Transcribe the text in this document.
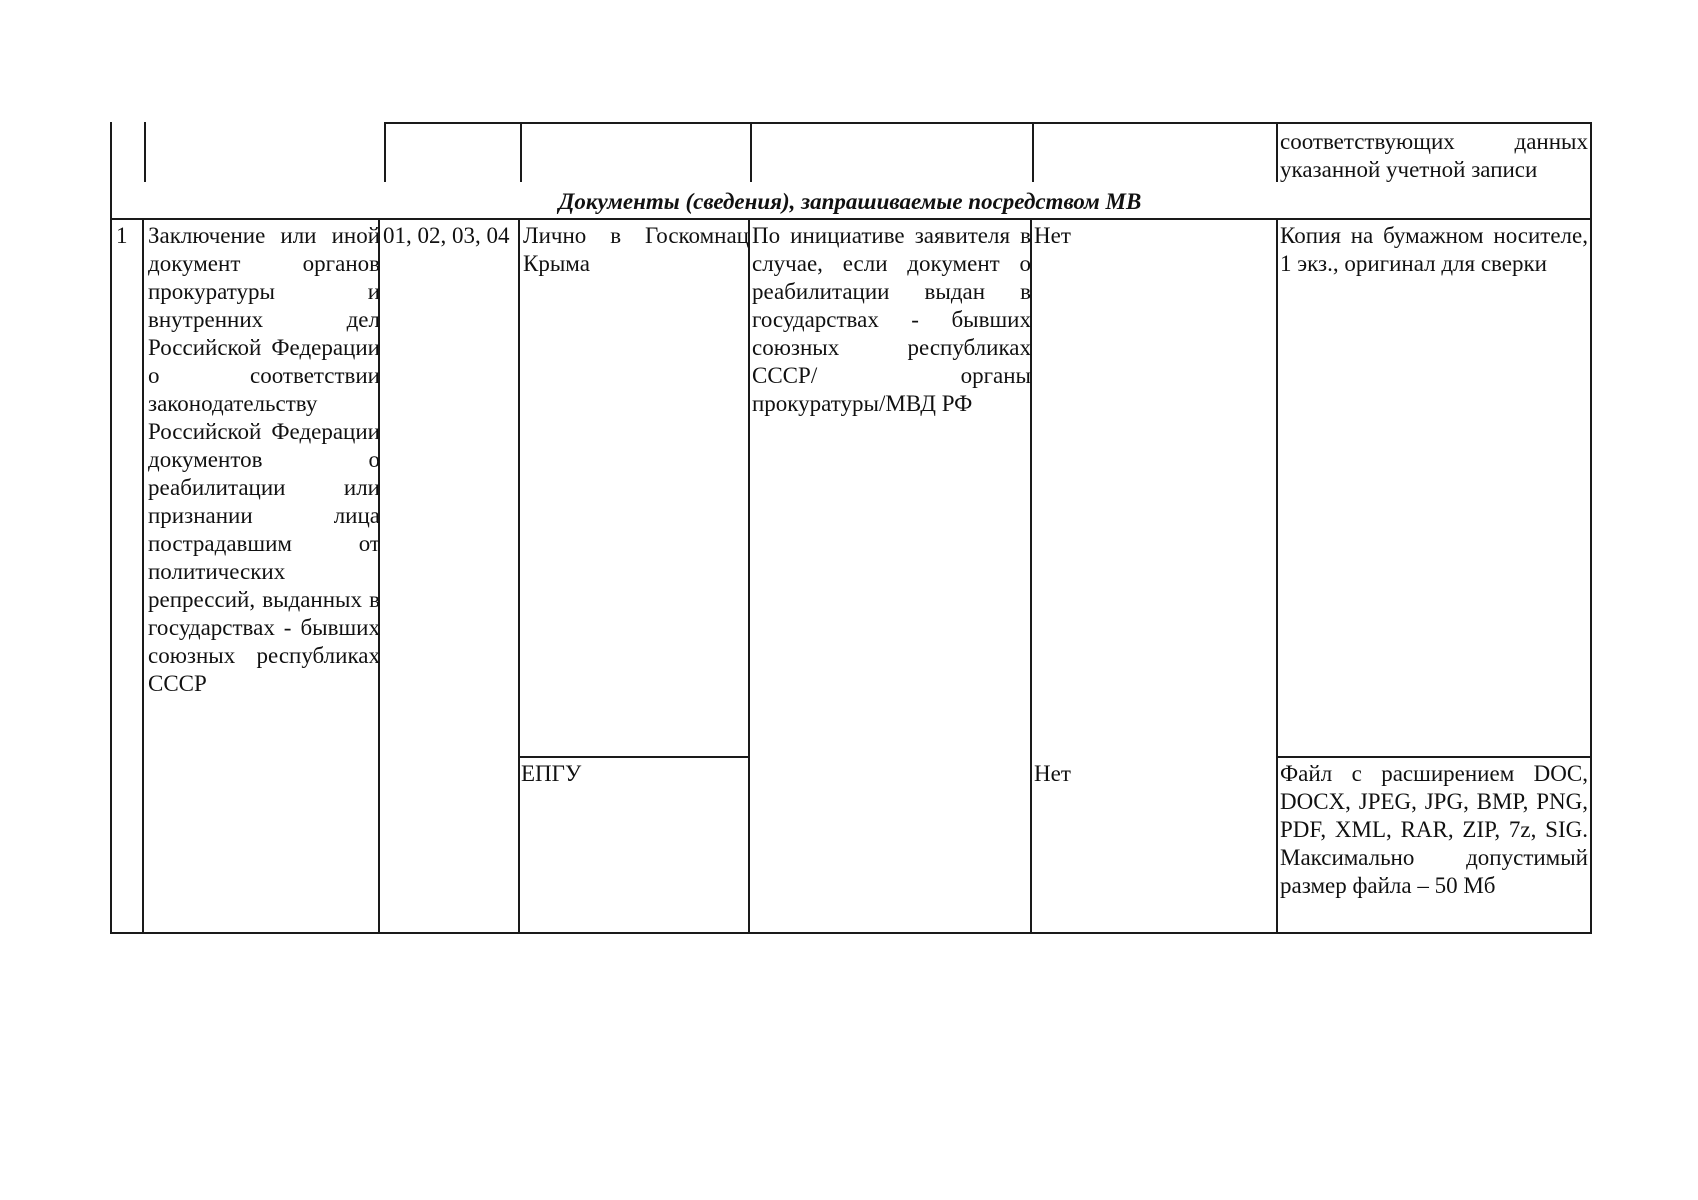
соответствующих данных указанной учетной записи
Документы (сведения), запрашиваемые посредством МВ
1 Заключение или иной документ органов прокуратуры и внутренних дел Российской Федерации о соответствии законодательству Российской Федерации документов о реабилитации или признании лица пострадавшим от политических репрессий, выданных в государствах - бывших союзных республиках СССР
01, 02, 03, 04 Лично в Госкомнац Крыма
ЕПГУ
По инициативе заявителя в случае, если документ о реабилитации выдан в государствах - бывших союзных республиках СССР/ органы прокуратуры/МВД РФ
Нет
Нет
Копия на бумажном носителе, 1 экз., оригинал для сверки
Файл с расширением DOC, DOCX, JPEG, JPG, BMP, PNG, PDF, XML, RAR, ZIP, 7z, SIG. Максимально допустимый размер файла – 50 Мб
